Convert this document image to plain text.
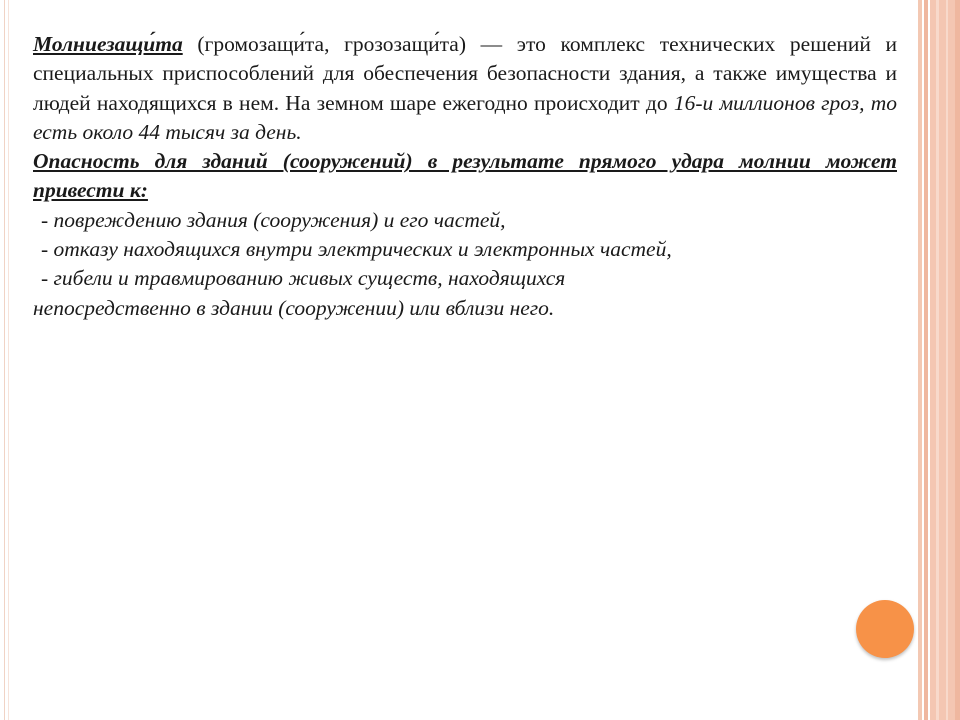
Молниезащи́та (громозащи́та, грозозащи́та) — это комплекс технических решений и специальных приспособлений для обеспечения безопасности здания, а также имущества и людей находящихся в нем. На земном шаре ежегодно происходит до 16-и миллионов гроз, то есть около 44 тысяч за день.

Опасность для зданий (сооружений) в результате прямого удара молнии может привести к:

- повреждению здания (сооружения) и его частей,
- отказу находящихся внутри электрических и электронных частей,
- гибели и травмированию живых существ, находящихся
непосредственно в здании (сооружении) или вблизи него.
